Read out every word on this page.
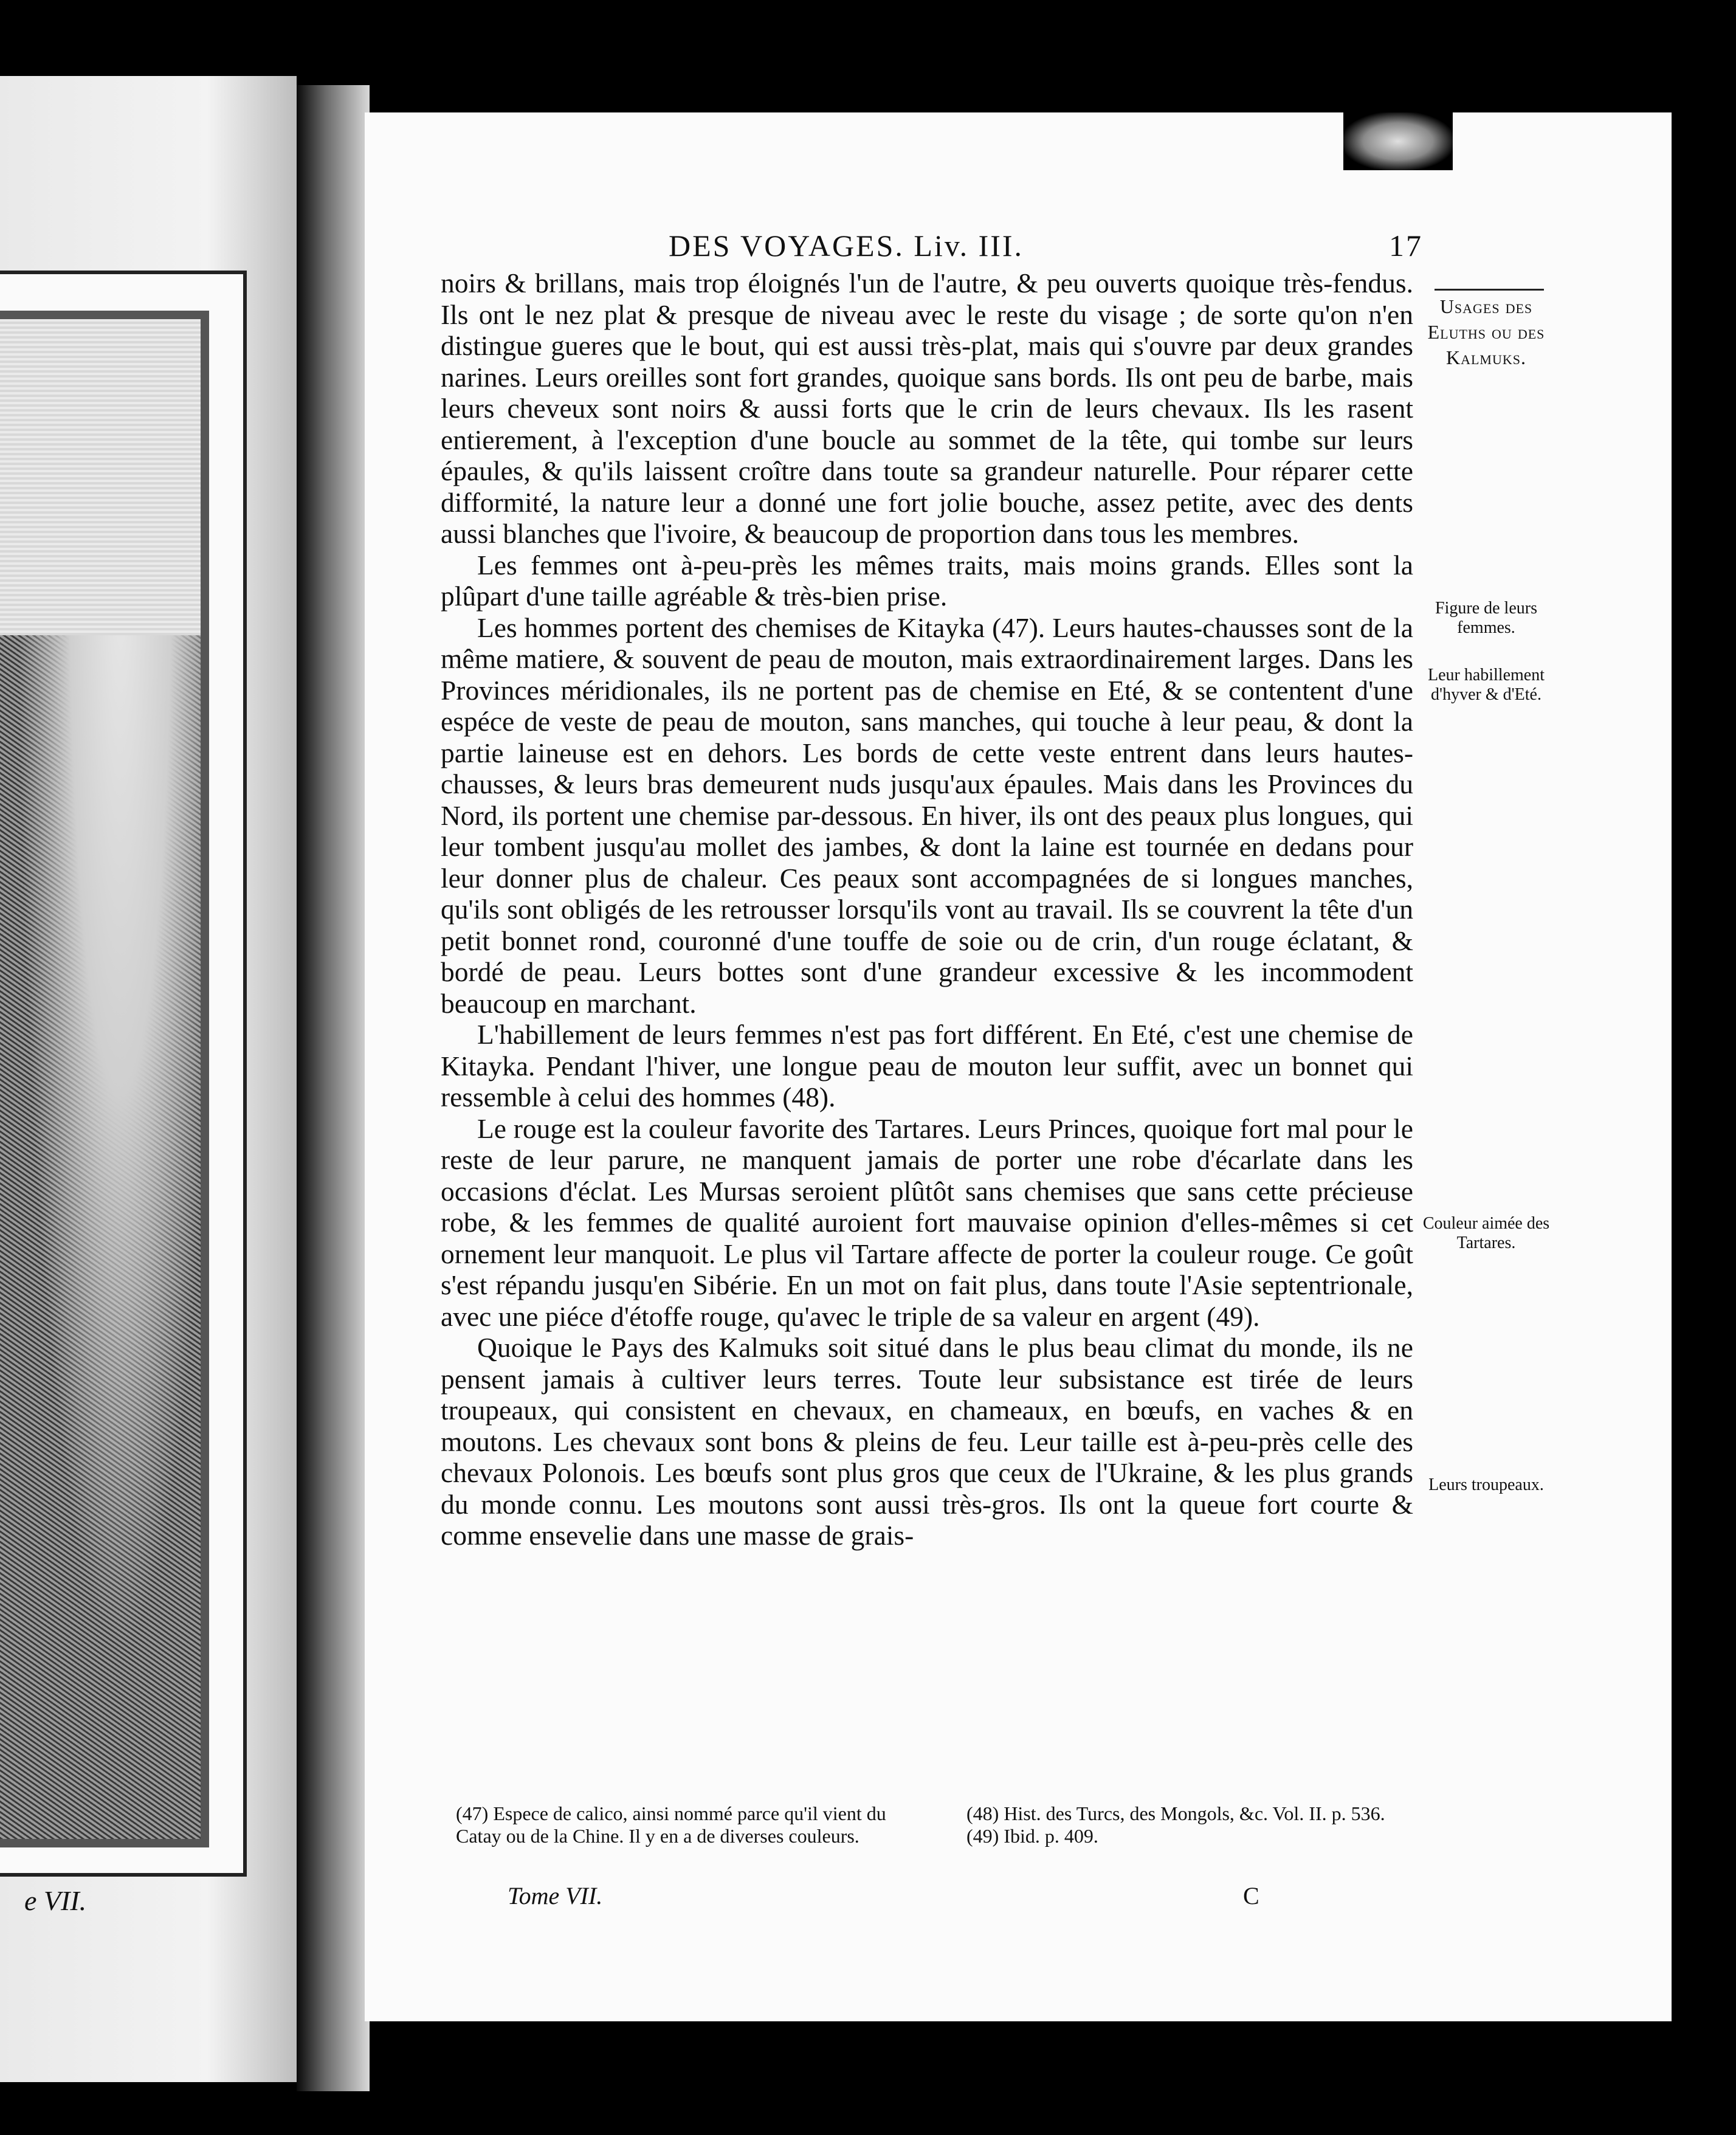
e VII.
DES VOYAGES. Liv. III.	17
Usages des Eluths ou des Kalmuks.
Figure de leurs femmes.
Leur habillement d'hyver & d'Eté.
Couleur aimée des Tartares.
Leurs troupeaux.

noirs & brillans, mais trop éloignés l'un de l'autre, & peu ouverts quoique très-fendus. Ils ont le nez plat & presque de niveau avec le reste du visage ; de sorte qu'on n'en distingue gueres que le bout, qui est aussi très-plat, mais qui s'ouvre par deux grandes narines. Leurs oreilles sont fort grandes, quoique sans bords. Ils ont peu de barbe, mais leurs cheveux sont noirs & aussi forts que le crin de leurs chevaux. Ils les rasent entierement, à l'exception d'une boucle au sommet de la tête, qui tombe sur leurs épaules, & qu'ils laissent croître dans toute sa grandeur naturelle. Pour réparer cette difformité, la nature leur a donné une fort jolie bouche, assez petite, avec des dents aussi blanches que l'ivoire, & beaucoup de proportion dans tous les membres.

Les femmes ont à-peu-près les mêmes traits, mais moins grands. Elles sont la plûpart d'une taille agréable & très-bien prise.

Les hommes portent des chemises de Kitayka (47). Leurs hautes-chausses sont de la même matiere, & souvent de peau de mouton, mais extraordinairement larges. Dans les Provinces méridionales, ils ne portent pas de chemise en Eté, & se contentent d'une espéce de veste de peau de mouton, sans manches, qui touche à leur peau, & dont la partie laineuse est en dehors. Les bords de cette veste entrent dans leurs hautes-chausses, & leurs bras demeurent nuds jusqu'aux épaules. Mais dans les Provinces du Nord, ils portent une chemise par-dessous. En hiver, ils ont des peaux plus longues, qui leur tombent jusqu'au mollet des jambes, & dont la laine est tournée en dedans pour leur donner plus de chaleur. Ces peaux sont accompagnées de si longues manches, qu'ils sont obligés de les retrousser lorsqu'ils vont au travail. Ils se couvrent la tête d'un petit bonnet rond, couronné d'une touffe de soie ou de crin, d'un rouge éclatant, & bordé de peau. Leurs bottes sont d'une grandeur excessive & les incommodent beaucoup en marchant.

L'habillement de leurs femmes n'est pas fort différent. En Eté, c'est une chemise de Kitayka. Pendant l'hiver, une longue peau de mouton leur suffit, avec un bonnet qui ressemble à celui des hommes (48).

Le rouge est la couleur favorite des Tartares. Leurs Princes, quoique fort mal pour le reste de leur parure, ne manquent jamais de porter une robe d'écarlate dans les occasions d'éclat. Les Mursas seroient plûtôt sans chemises que sans cette précieuse robe, & les femmes de qualité auroient fort mauvaise opinion d'elles-mêmes si cet ornement leur manquoit. Le plus vil Tartare affecte de porter la couleur rouge. Ce goût s'est répandu jusqu'en Sibérie. En un mot on fait plus, dans toute l'Asie septentrionale, avec une piéce d'étoffe rouge, qu'avec le triple de sa valeur en argent (49).

Quoique le Pays des Kalmuks soit situé dans le plus beau climat du monde, ils ne pensent jamais à cultiver leurs terres. Toute leur subsistance est tirée de leurs troupeaux, qui consistent en chevaux, en chameaux, en bœufs, en vaches & en moutons. Les chevaux sont bons & pleins de feu. Leur taille est à-peu-près celle des chevaux Polonois. Les bœufs sont plus gros que ceux de l'Ukraine, & les plus grands du monde connu. Les moutons sont aussi très-gros. Ils ont la queue fort courte & comme ensevelie dans une masse de grais-

(47) Espece de calico, ainsi nommé parce qu'il vient du Catay ou de la Chine. Il y en a de diverses couleurs.

(48) Hist. des Turcs, des Mongols, &c. Vol. II. p. 536.

(49) Ibid. p. 409.

Tome VII.	C
